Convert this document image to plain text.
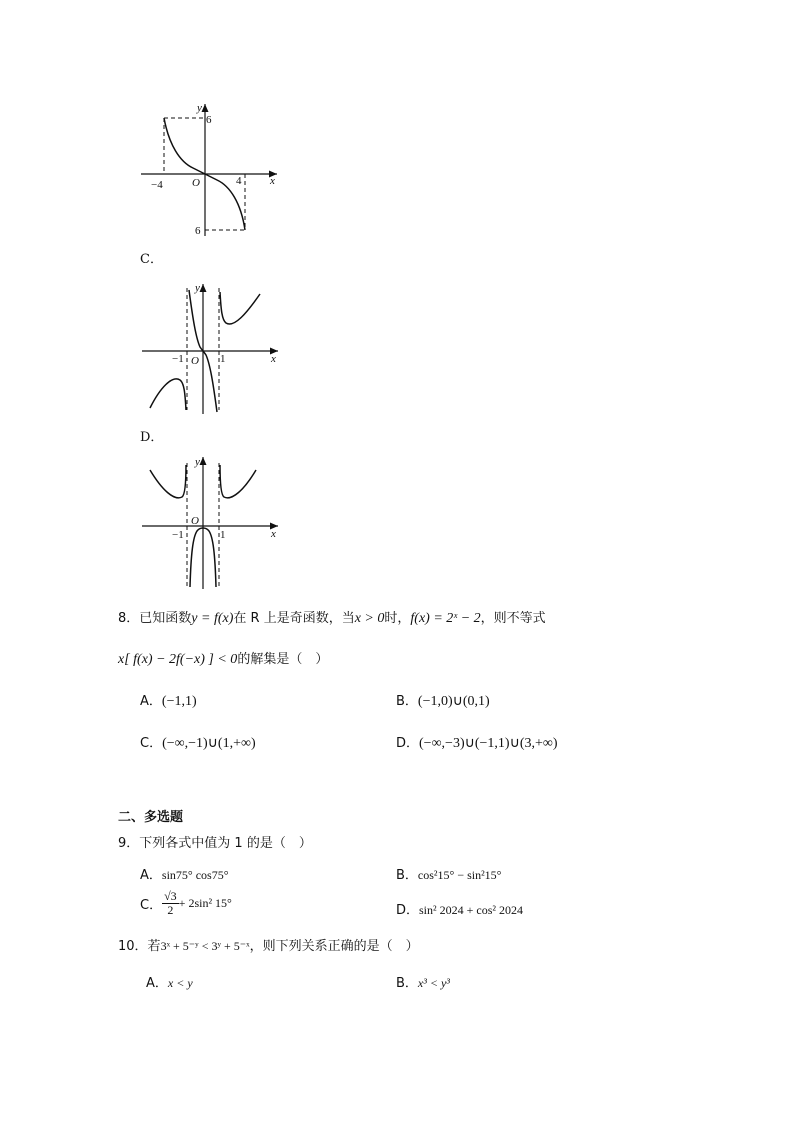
y
x
O
−4	4
6
6
C．
y
x
O
−1	1
D．
y
x
O
−1	1
8．已知函数y = f(x)在 R 上是奇函数，当x > 0时，f(x) = 2ˣ − 2，则不等式
x[ f(x) − 2f(−x) ] < 0的解集是（　）
A．(−1,1)	B．(−1,0)∪(0,1)
C．(−∞,−1)∪(1,+∞)	D．(−∞,−3)∪(−1,1)∪(3,+∞)
二、多选题
9．下列各式中值为 1 的是（　）
A．sin75° cos75°	B．cos²15° − sin²15°
C． $\frac{√3}{2} + 2\sin^2$ 15°	D．sin² 2024 + cos² 2024
10．若3ˣ + 5⁻ʸ < 3ʸ + 5⁻ˣ，则下列关系正确的是（　）
A．x < y	B．x³ < y³
